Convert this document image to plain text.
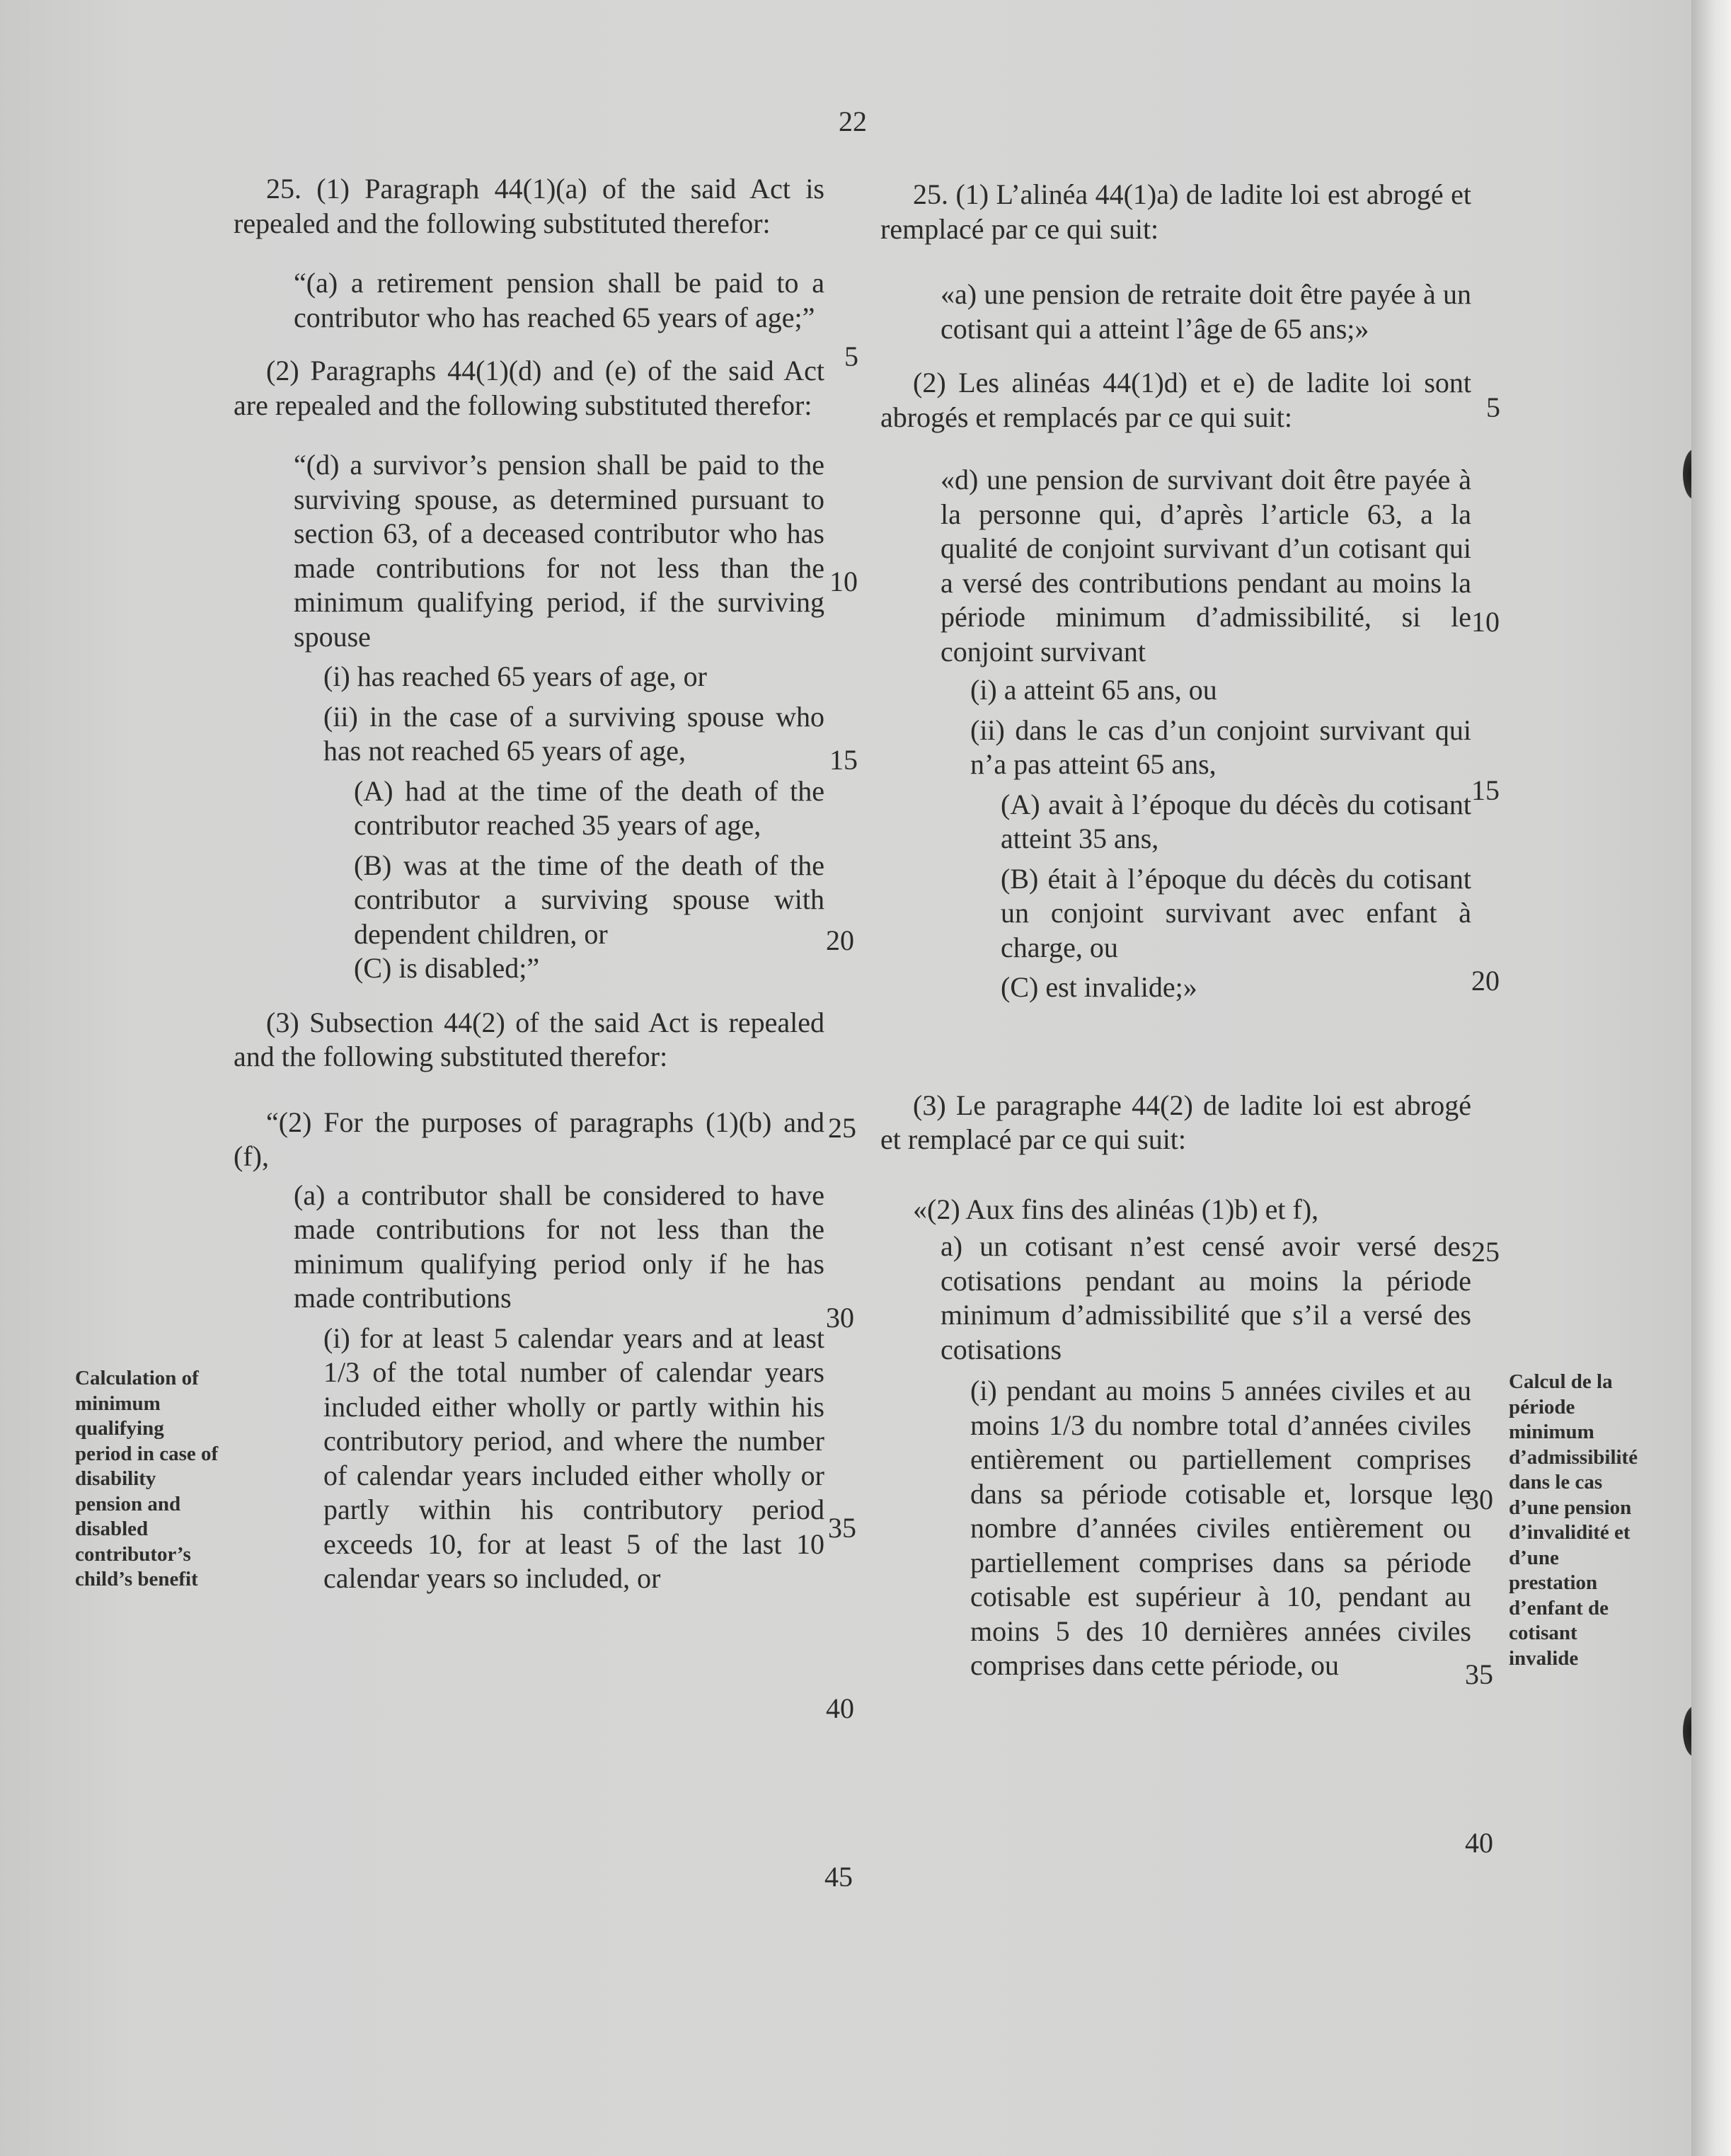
22

25. (1) Paragraph 44(1)(a) of the said Act is repealed and the following substituted therefor:

“(a) a retirement pension shall be paid to a contributor who has reached 65 years of age;”

(2) Paragraphs 44(1)(d) and (e) of the said Act are repealed and the following substituted therefor:

“(d) a survivor’s pension shall be paid to the surviving spouse, as determined pursuant to section 63, of a deceased contributor who has made contributions for not less than the minimum qualifying period, if the surviving spouse

(i) has reached 65 years of age, or

(ii) in the case of a surviving spouse who has not reached 65 years of age,

(A) had at the time of the death of the contributor reached 35 years of age,

(B) was at the time of the death of the contributor a surviving spouse with dependent children, or

(C) is disabled;”

(3) Subsection 44(2) of the said Act is repealed and the following substituted therefor:

“(2) For the purposes of paragraphs (1)(b) and (f),

(a) a contributor shall be considered to have made contributions for not less than the minimum qualifying period only if he has made contributions

(i) for at least 5 calendar years and at least 1/3 of the total number of calendar years included either wholly or partly within his contributory period, and where the number of calendar years included either wholly or partly within his contributory period exceeds 10, for at least 5 of the last 10 calendar years so included, or

25. (1) L’alinéa 44(1)a) de ladite loi est abrogé et remplacé par ce qui suit:

«a) une pension de retraite doit être payée à un cotisant qui a atteint l’âge de 65 ans;»

(2) Les alinéas 44(1)d) et e) de ladite loi sont abrogés et remplacés par ce qui suit:

«d) une pension de survivant doit être payée à la personne qui, d’après l’article 63, a la qualité de conjoint survivant d’un cotisant qui a versé des contributions pendant au moins la période minimum d’admissibilité, si le conjoint survivant

(i) a atteint 65 ans, ou

(ii) dans le cas d’un conjoint survivant qui n’a pas atteint 65 ans,

(A) avait à l’époque du décès du cotisant atteint 35 ans,

(B) était à l’époque du décès du cotisant un conjoint survivant avec enfant à charge, ou

(C) est invalide;»

(3) Le paragraphe 44(2) de ladite loi est abrogé et remplacé par ce qui suit:

«(2) Aux fins des alinéas (1)b) et f),

a) un cotisant n’est censé avoir versé des cotisations pendant au moins la période minimum d’admissibilité que s’il a versé des cotisations

(i) pendant au moins 5 années civiles et au moins 1/3 du nombre total d’années civiles entièrement ou partiellement comprises dans sa période cotisable et, lorsque le nombre d’années civiles entièrement ou partiellement comprises dans sa période cotisable est supérieur à 10, pendant au moins 5 des 10 dernières années civiles comprises dans cette période, ou

5
10
15
20
25
30
35
40
45
5
10
15
20
25
30
35
40
Calculation of minimum qualifying period in case of disability pension and disabled contributor’s child’s benefit
Calcul de la période minimum d’admissibilité dans le cas d’une pension d’invalidité et d’une prestation d’enfant de cotisant invalide
